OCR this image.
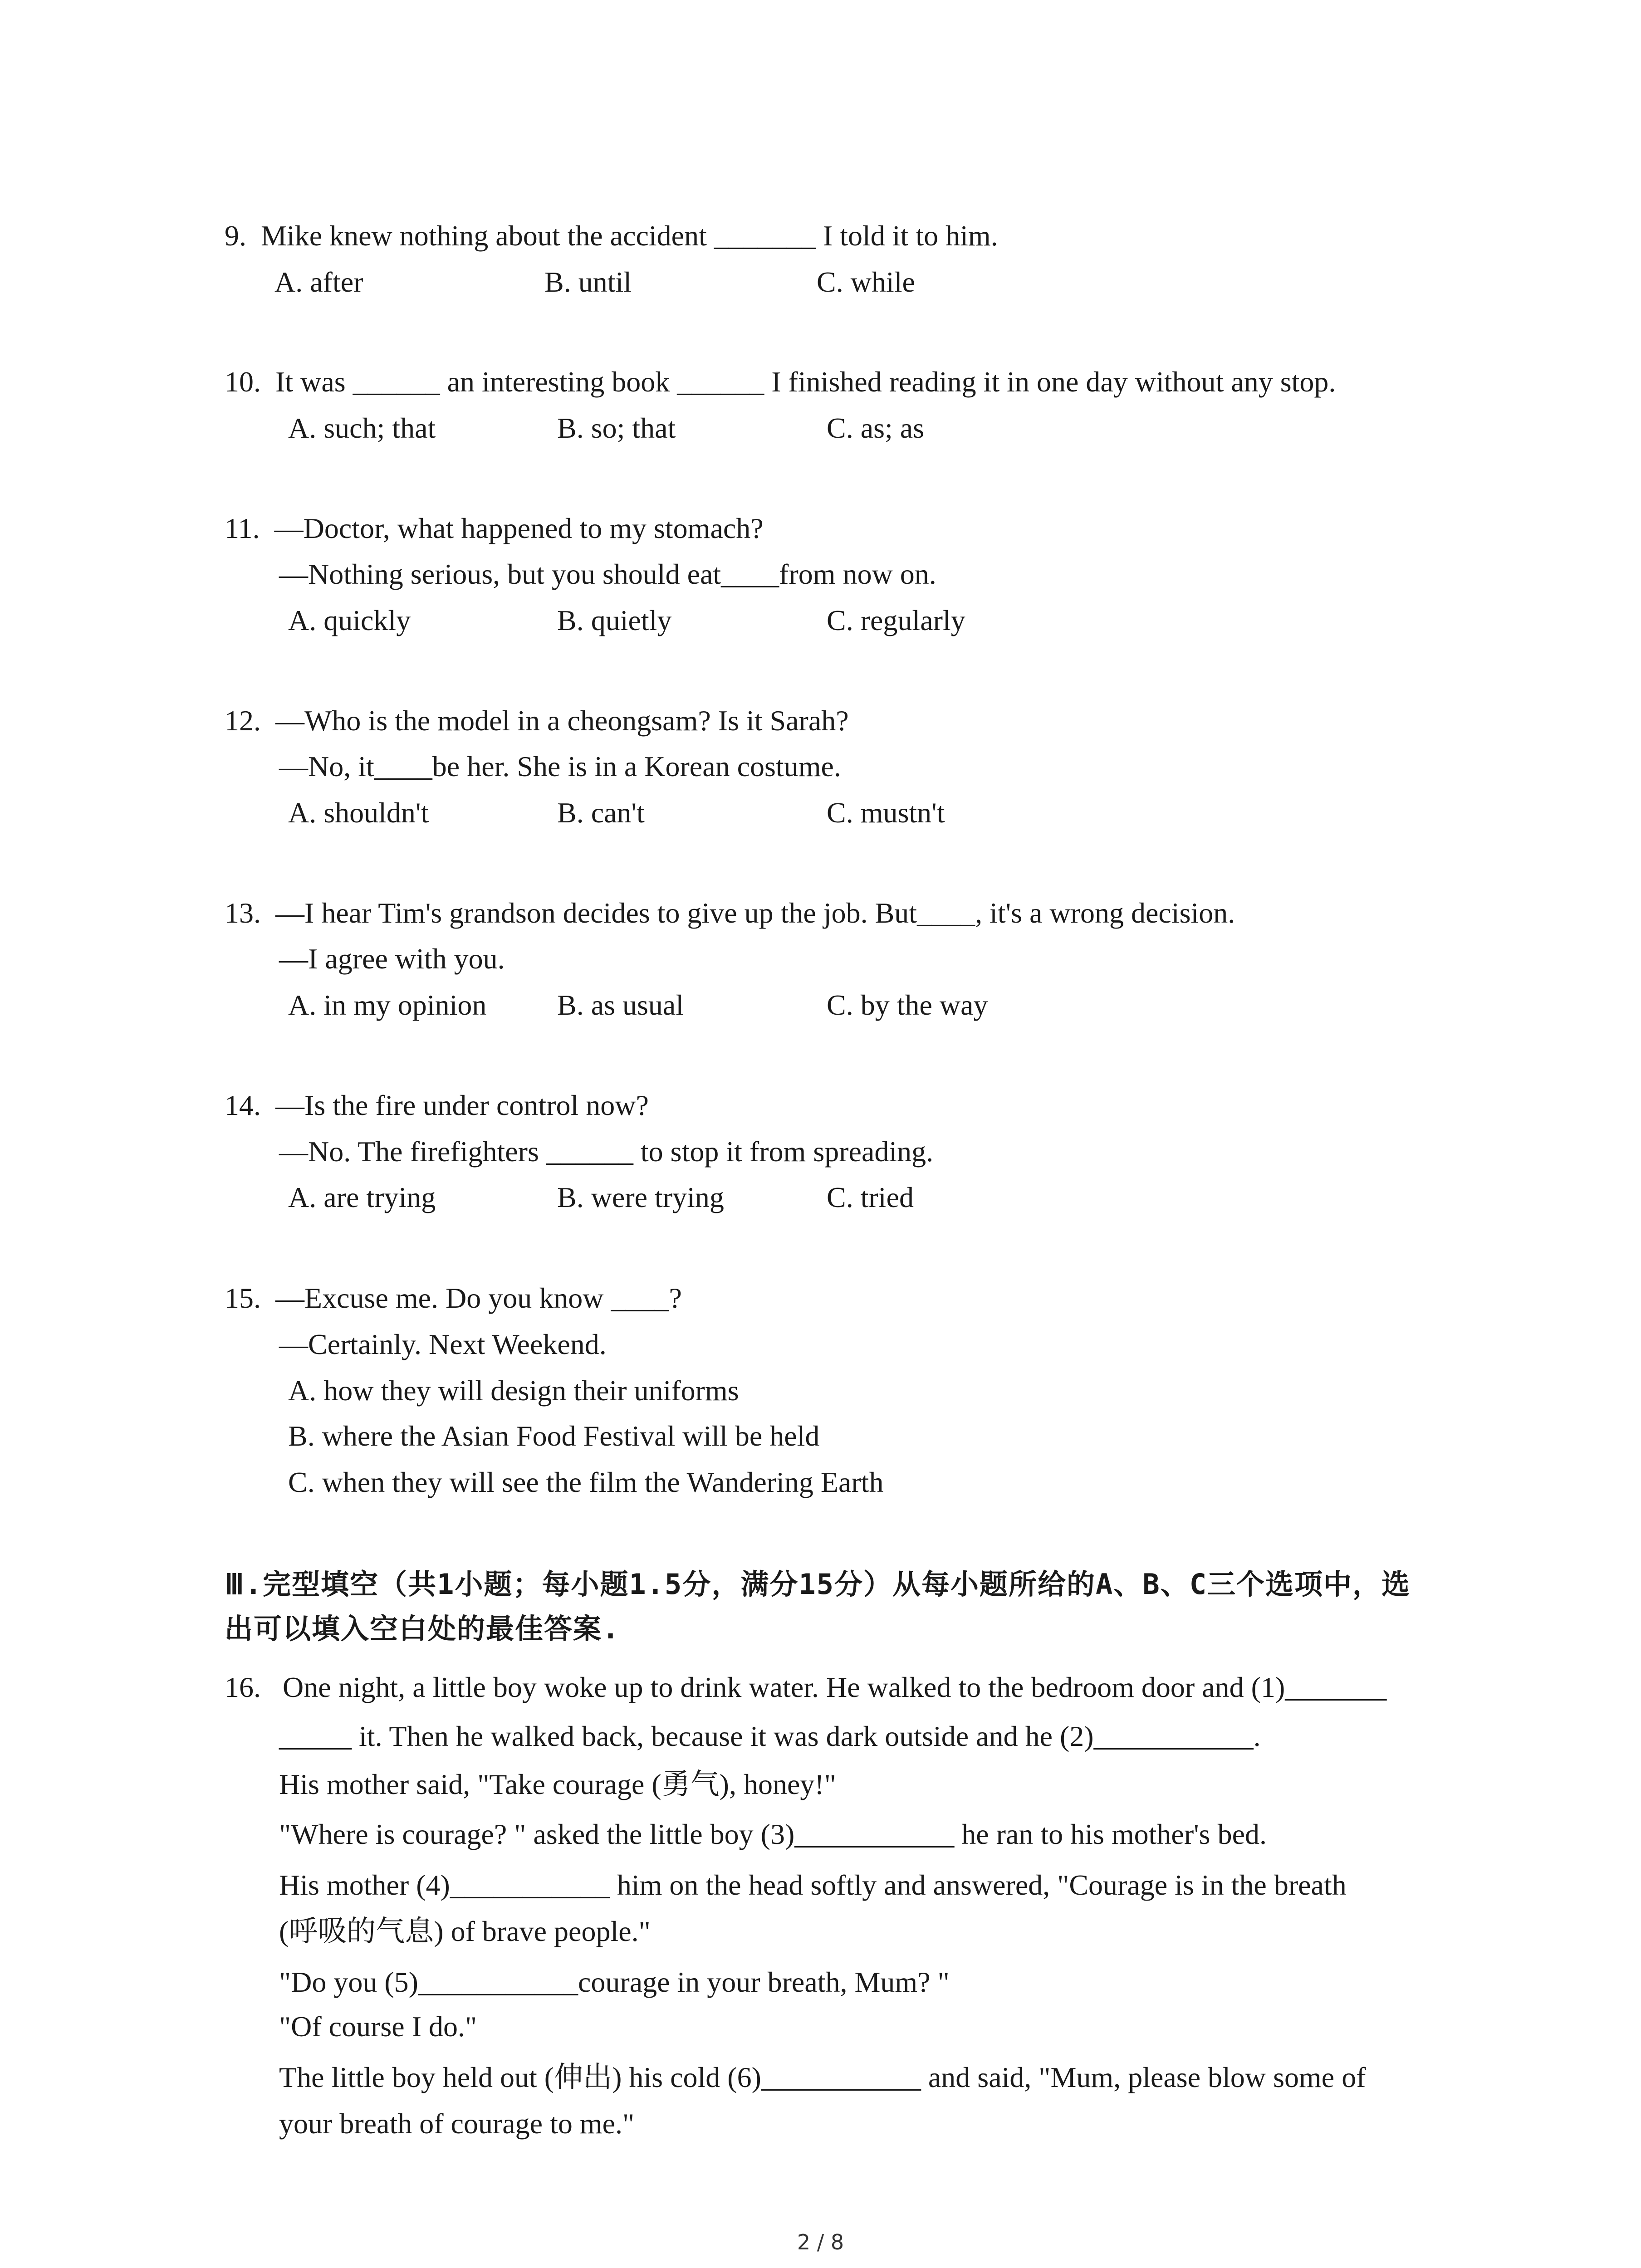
9. Mike knew nothing about the accident _______ I told it to him.
A. after	B. until	C. while
10. It was ______ an interesting book ______ I finished reading it in one day without any stop.
A. such; that	B. so; that	C. as; as
11. —Doctor, what happened to my stomach?
—Nothing serious, but you should eat____from now on.
A. quickly	B. quietly	C. regularly
12. —Who is the model in a cheongsam? Is it Sarah?
—No, it____be her. She is in a Korean costume.
A. shouldn't	B. can't	C. mustn't
13. —I hear Tim's grandson decides to give up the job. But____, it's a wrong decision.
—I agree with you.
A. in my opinion B. as usual	C. by the way
14. —Is the fire under control now?
—No. The firefighters ______ to stop it from spreading.
A. are trying	B. were trying	C. tried
15. —Excuse me. Do you know ____?
—Certainly. Next Weekend.
A. how they will design their uniforms
B. where the Asian Food Festival will be held
C. when they will see the film the Wandering Earth
Ⅲ.完型填空（共1小题；每小题1.5分，满分15分）从每小题所给的A、B、C三个选项中，选
出可以填入空白处的最佳答案.
16. One night, a little boy woke up to drink water. He walked to the bedroom door and (1)_______
_____ it. Then he walked back, because it was dark outside and he (2)___________.
His mother said, "Take courage (勇气), honey!"
"Where is courage? " asked the little boy (3)___________ he ran to his mother's bed.
His mother (4)___________ him on the head softly and answered, "Courage is in the breath
(呼吸的气息) of brave people."
"Do you (5)___________courage in your breath, Mum? "
"Of course I do."
The little boy held out (伸出) his cold (6)___________ and said, "Mum, please blow some of
your breath of courage to me."
2 / 8
